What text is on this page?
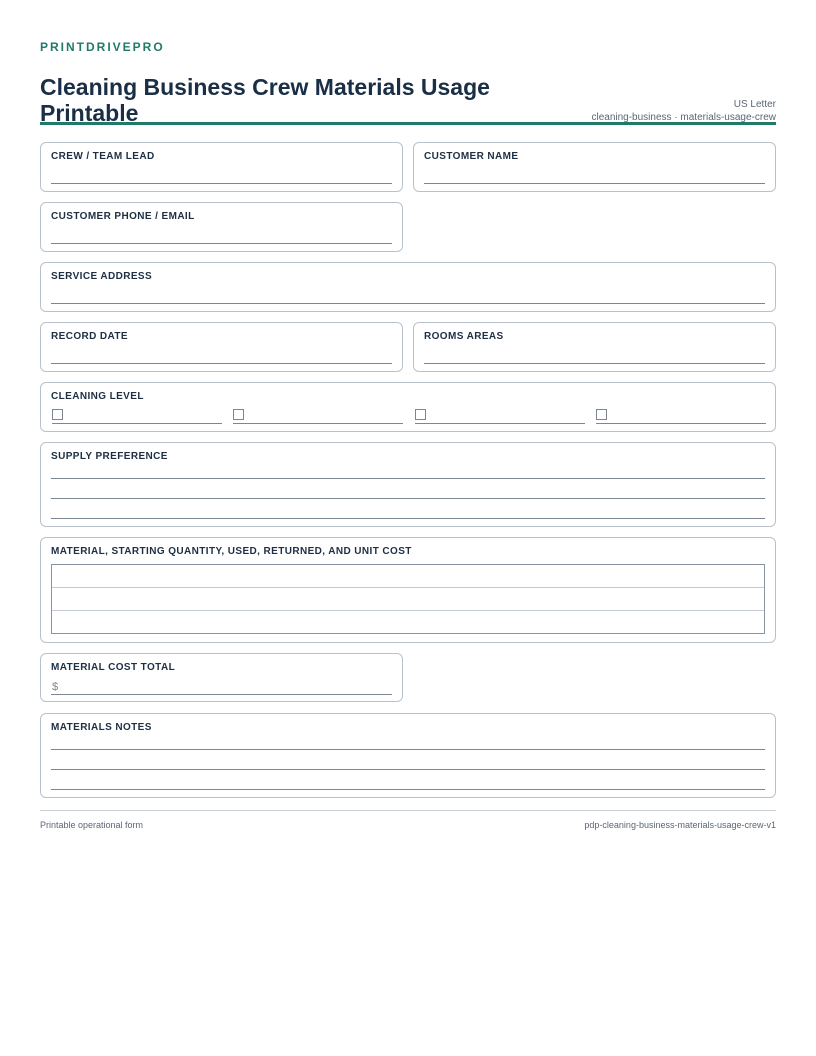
PRINTDRIVEPRO

Cleaning Business Crew Materials Usage Printable	US Letter
cleaning-business · materials-usage-crew
CREW / TEAM LEAD	CUSTOMER NAME
CUSTOMER PHONE / EMAIL
SERVICE ADDRESS
RECORD DATE	ROOMS AREAS
CLEANING LEVEL
SUPPLY PREFERENCE
MATERIAL, STARTING QUANTITY, USED, RETURNED, AND UNIT COST
MATERIAL COST TOTAL
$
MATERIALS NOTES
Printable operational form	pdp-cleaning-business-materials-usage-crew-v1
